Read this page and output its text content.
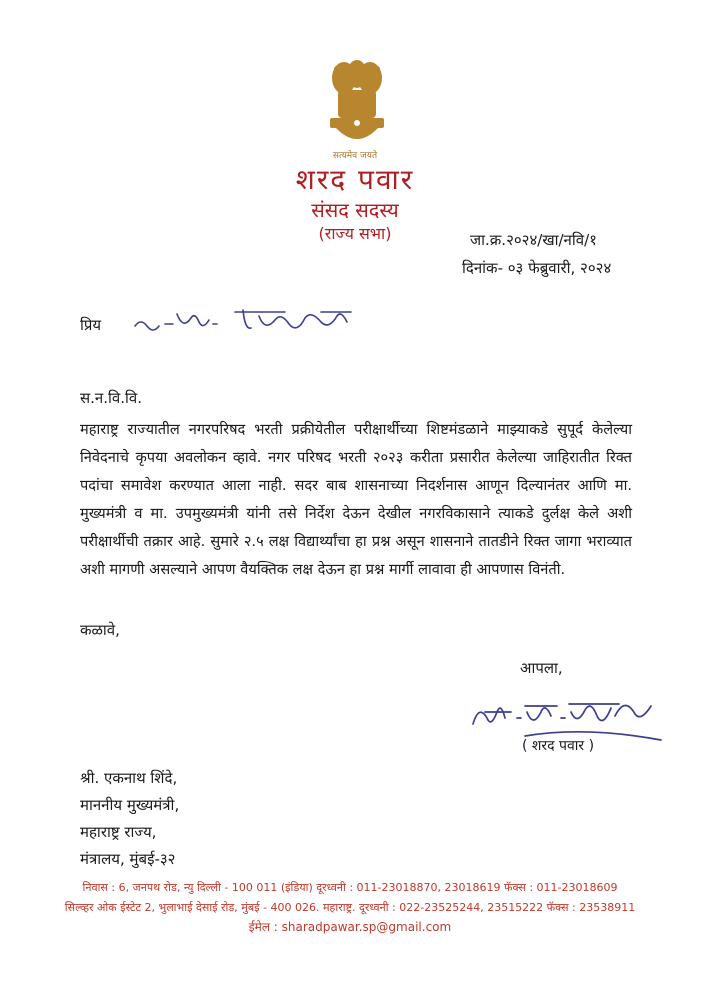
सत्यमेव जयते
शरद पवार
संसद सदस्य
(राज्य सभा)	जा.क्र.२०२४/खा/नवि/१
दिनांक- ०३ फेब्रुवारी, २०२४
प्रिय
स.न.वि.वि.
महाराष्ट्र राज्यातील नगरपरिषद भरती प्रक्रीयेतील परीक्षार्थीच्या शिष्टमंडळाने माझ्याकडे सुपूर्द केलेल्या निवेदनाचे कृपया अवलोकन व्हावे. नगर परिषद भरती २०२३ करीता प्रसारीत केलेल्या जाहिरातीत रिक्त पदांचा समावेश करण्यात आला नाही. सदर बाब शासनाच्या निदर्शनास आणून दिल्यानंतर आणि मा. मुख्यमंत्री व मा. उपमुख्यमंत्री यांनी तसे निर्देश देऊन देखील नगरविकासाने त्याकडे दुर्लक्ष केले अशी परीक्षार्थीची तक्रार आहे. सुमारे २.५ लक्ष विद्यार्थ्यांचा हा प्रश्न असून शासनाने तातडीने रिक्त जागा भराव्यात अशी मागणी असल्याने आपण वैयक्तिक लक्ष देऊन हा प्रश्न मार्गी लावावा ही आपणास विनंती.
कळावे,
आपला,
( शरद पवार )
श्री. एकनाथ शिंदे,
माननीय मुख्यमंत्री,
महाराष्ट्र राज्य,
मंत्रालय, मुंबई-३२
निवास : 6, जनपथ रोड, न्यु दिल्ली - 100 011 (इंडिया) दूरध्वनी : 011-23018870, 23018619 फॅक्स : 011-23018609
सिल्व्हर ओक ईस्टेट 2, भुलाभाई देसाई रोड, मुंबई - 400 026. महाराष्ट्र. दूरध्वनी : 022-23525244, 23515222 फॅक्स : 23538911
ईमेल : sharadpawar.sp@gmail.com
